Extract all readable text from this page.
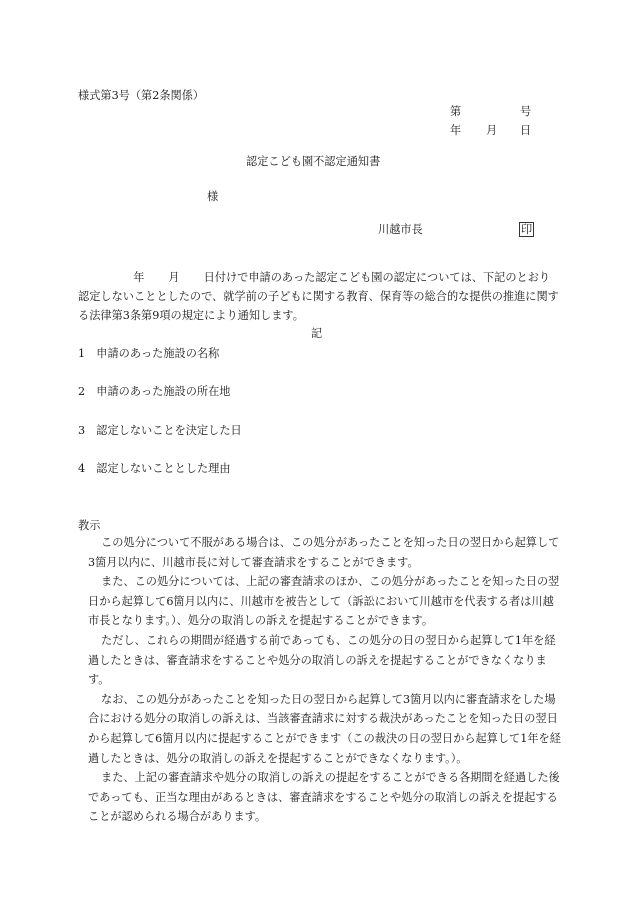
様式第3号（第2条関係）
第	号
年 月 日
認定こども園不認定通知書
様
川越市長	印
年 月 日付けで申請のあった認定こども園の認定については、下記のとおり認定しないこととしたので、就学前の子どもに関する教育、保育等の総合的な提供の推進に関する法律第3条第9項の規定により通知します。
記
1　申請のあった施設の名称
2　申請のあった施設の所在地
3　認定しないことを決定した日
4　認定しないこととした理由
教示

この処分について不服がある場合は、この処分があったことを知った日の翌日から起算して3箇月以内に、川越市長に対して審査請求をすることができます。

また、この処分については、上記の審査請求のほか、この処分があったことを知った日の翌日から起算して6箇月以内に、川越市を被告として（訴訟において川越市を代表する者は川越市長となります。）、処分の取消しの訴えを提起することができます。

ただし、これらの期間が経過する前であっても、この処分の日の翌日から起算して1年を経過したときは、審査請求をすることや処分の取消しの訴えを提起することができなくなります。

なお、この処分があったことを知った日の翌日から起算して3箇月以内に審査請求をした場合における処分の取消しの訴えは、当該審査請求に対する裁決があったことを知った日の翌日から起算して6箇月以内に提起することができます（この裁決の日の翌日から起算して1年を経過したときは、処分の取消しの訴えを提起することができなくなります。）。

また、上記の審査請求や処分の取消しの訴えの提起をすることができる各期間を経過した後であっても、正当な理由があるときは、審査請求をすることや処分の取消しの訴えを提起することが認められる場合があります。
